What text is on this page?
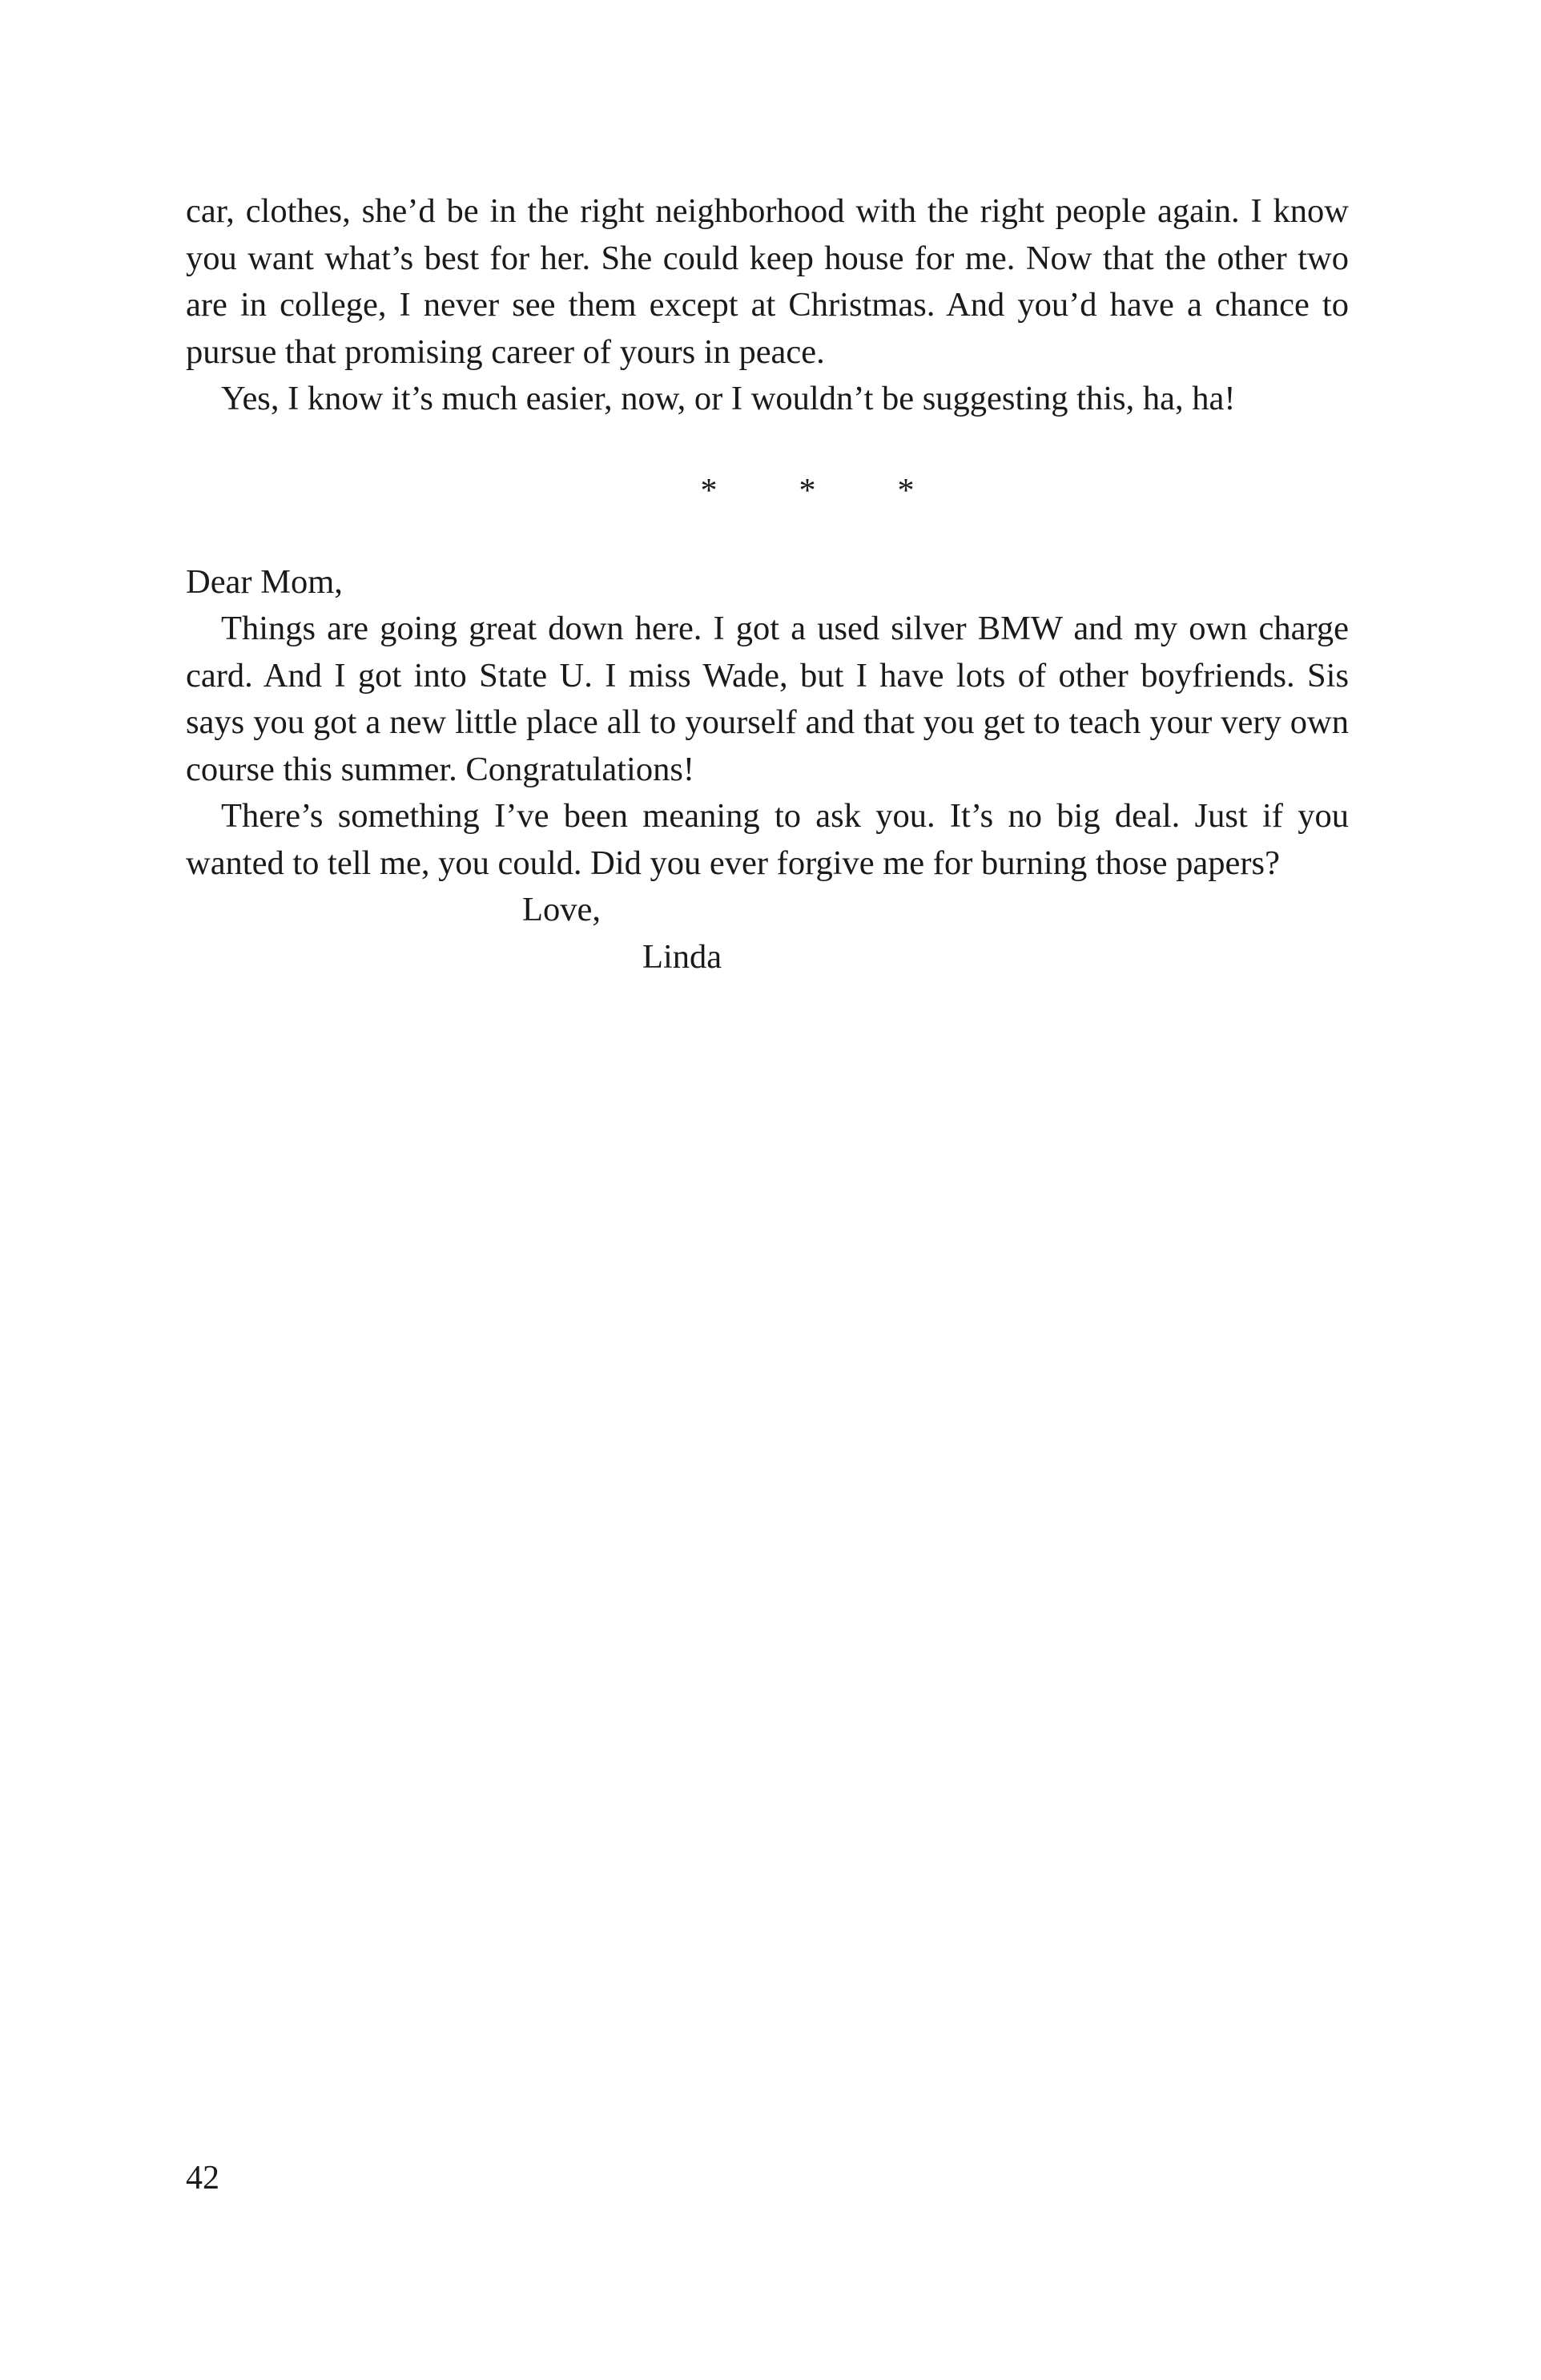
car, clothes, she’d be in the right neighborhood with the right people again. I know you want what’s best for her. She could keep house for me. Now that the other two are in college, I never see them except at Christmas. And you’d have a chance to pursue that promising career of yours in peace.

Yes, I know it’s much easier, now, or I wouldn’t be suggesting this, ha, ha!

* * *

Dear Mom,

Things are going great down here. I got a used silver BMW and my own charge card. And I got into State U. I miss Wade, but I have lots of other boyfriends. Sis says you got a new little place all to yourself and that you get to teach your very own course this summer. Congratulations!

There’s something I’ve been meaning to ask you. It’s no big deal. Just if you wanted to tell me, you could. Did you ever forgive me for burning those papers?

Love,

Linda

42
